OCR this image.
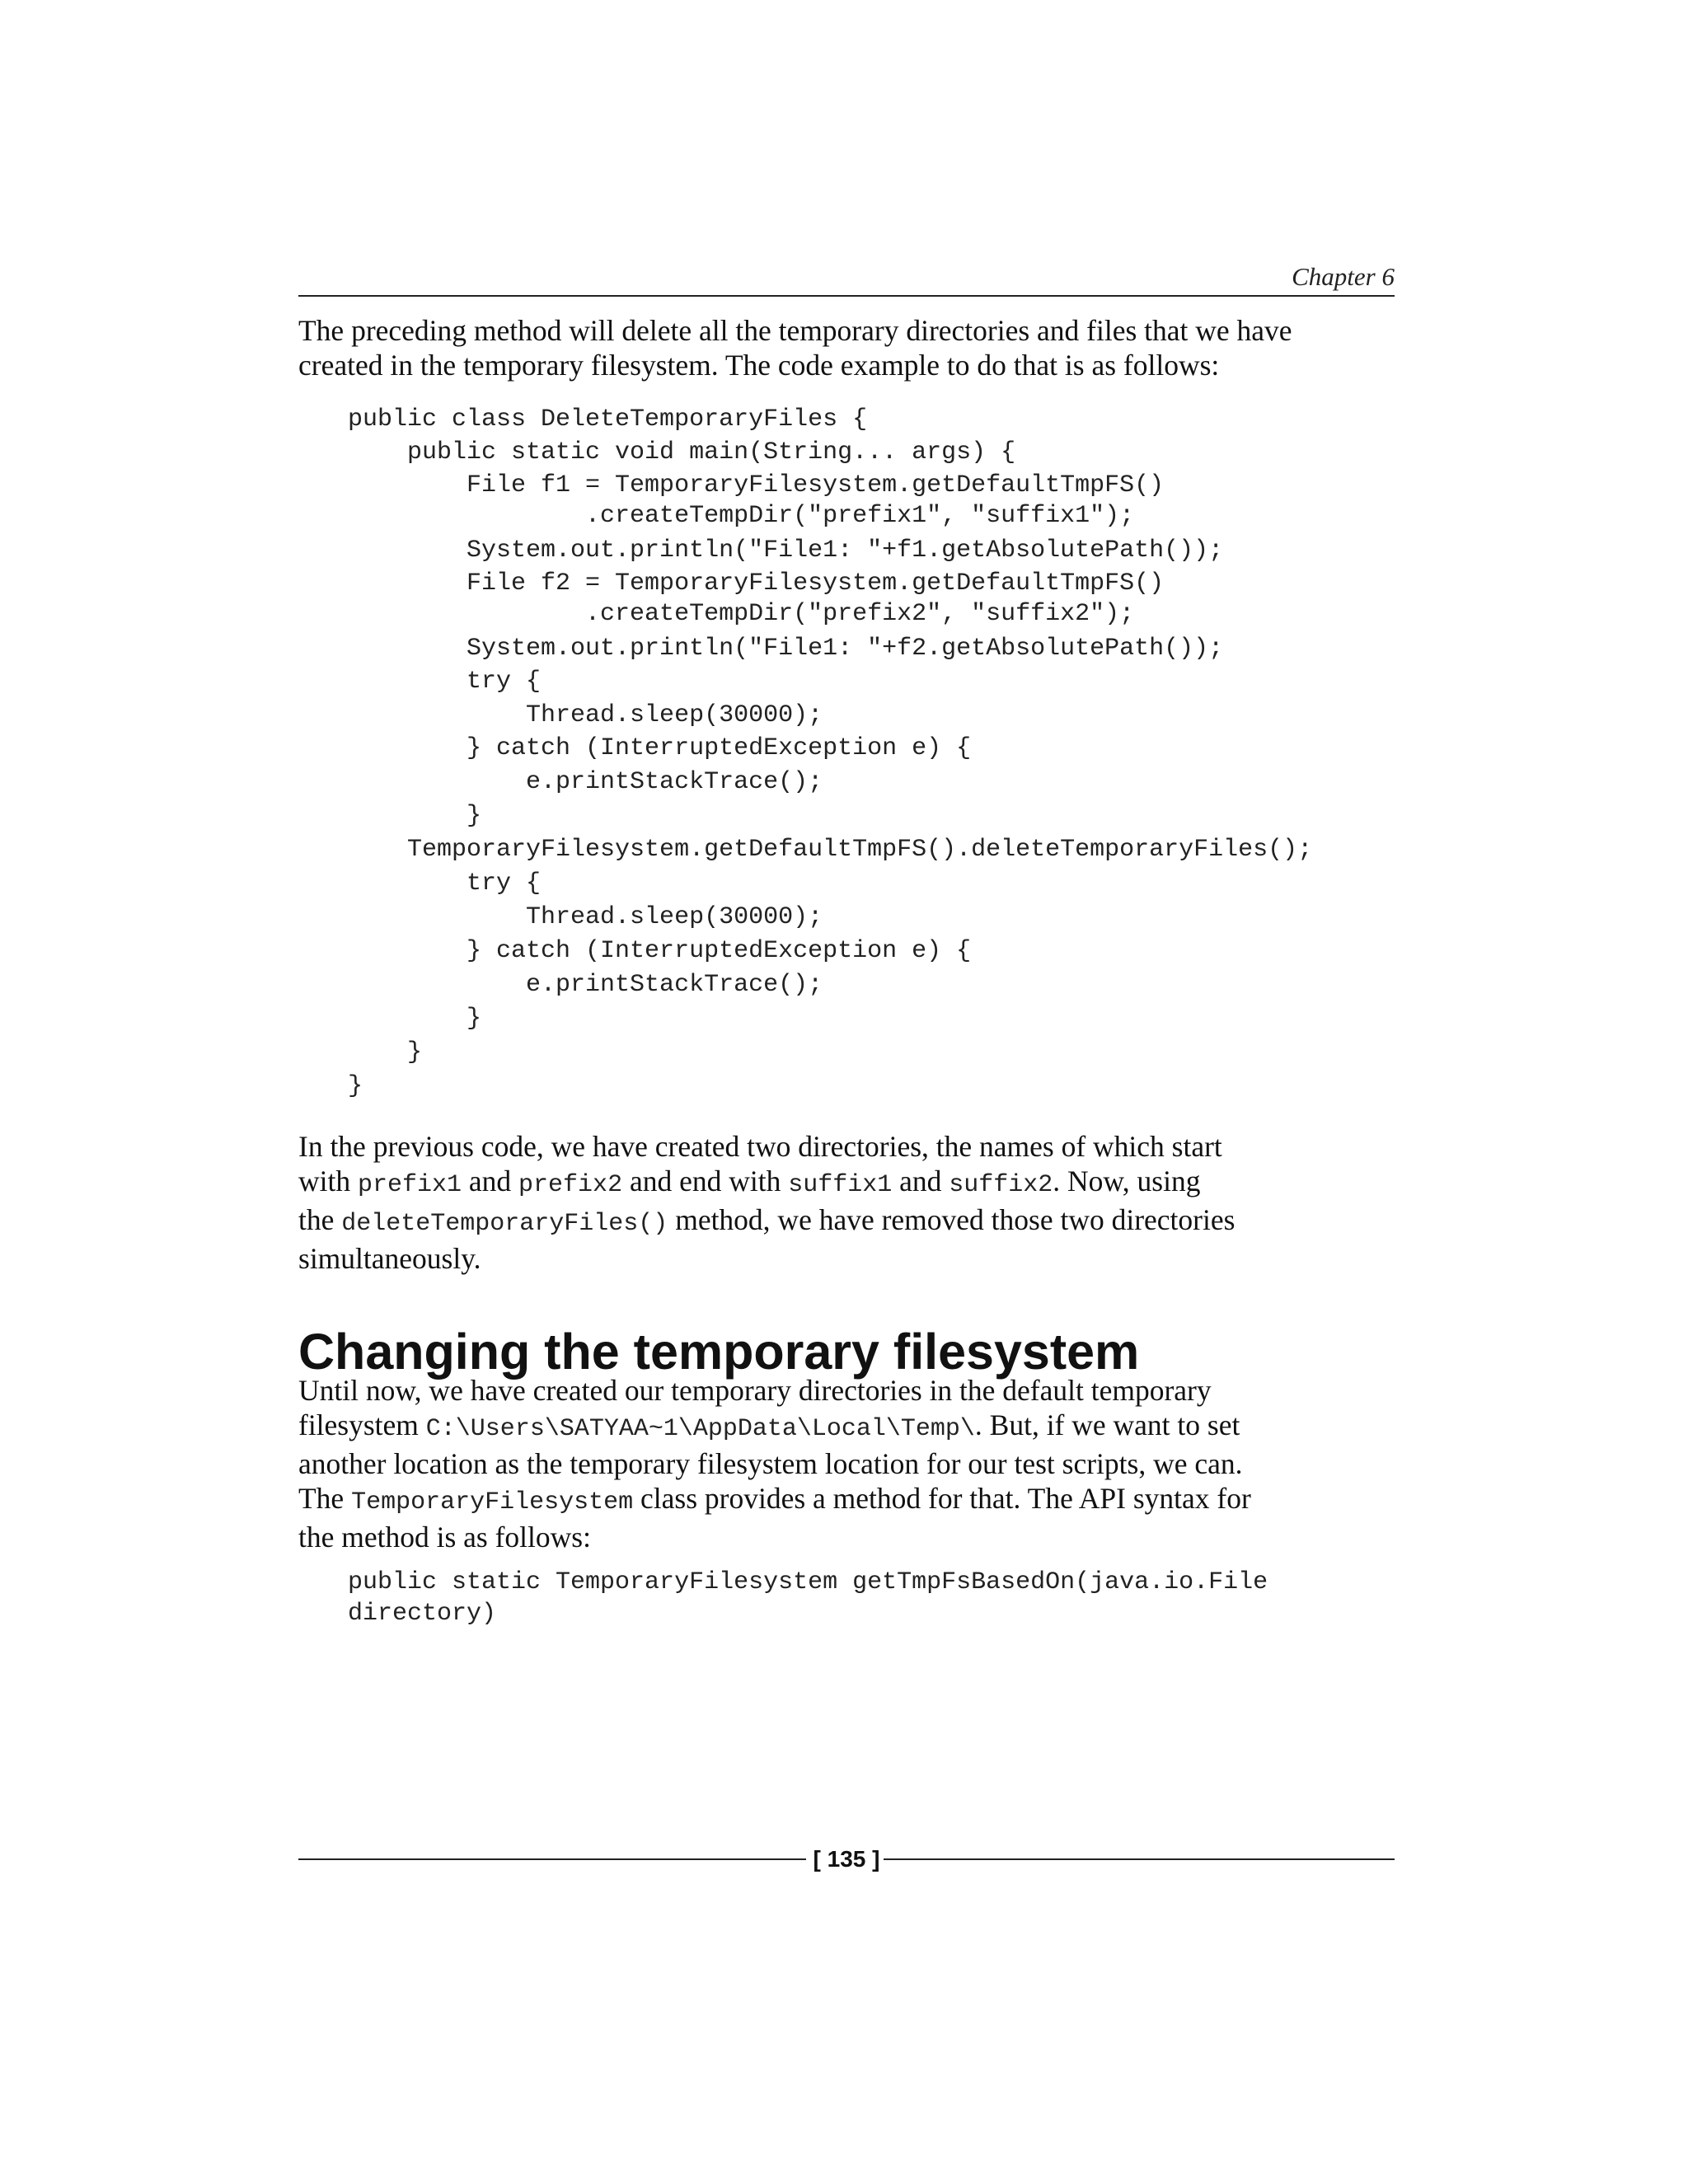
Chapter 6
The preceding method will delete all the temporary directories and files that we have
created in the temporary filesystem. The code example to do that is as follows:
public class DeleteTemporaryFiles {
public static void main(String... args) {
File f1 = TemporaryFilesystem.getDefaultTmpFS()
.createTempDir("prefix1", "suffix1");
System.out.println("File1: "+f1.getAbsolutePath());
File f2 = TemporaryFilesystem.getDefaultTmpFS()
.createTempDir("prefix2", "suffix2");
System.out.println("File1: "+f2.getAbsolutePath());
try {
Thread.sleep(30000);
} catch (InterruptedException e) {
e.printStackTrace();
}
TemporaryFilesystem.getDefaultTmpFS().deleteTemporaryFiles();
try {
Thread.sleep(30000);
} catch (InterruptedException e) {
e.printStackTrace();
}
}
}
In the previous code, we have created two directories, the names of which start
with prefix1 and prefix2 and end with suffix1 and suffix2. Now, using
the deleteTemporaryFiles() method, we have removed those two directories
simultaneously.
Changing the temporary filesystem
Until now, we have created our temporary directories in the default temporary
filesystem C:\Users\SATYAA~1\AppData\Local\Temp\. But, if we want to set
another location as the temporary filesystem location for our test scripts, we can.
The TemporaryFilesystem class provides a method for that. The API syntax for
the method is as follows:
public static TemporaryFilesystem getTmpFsBasedOn(java.io.File
directory)
[ 135 ]
